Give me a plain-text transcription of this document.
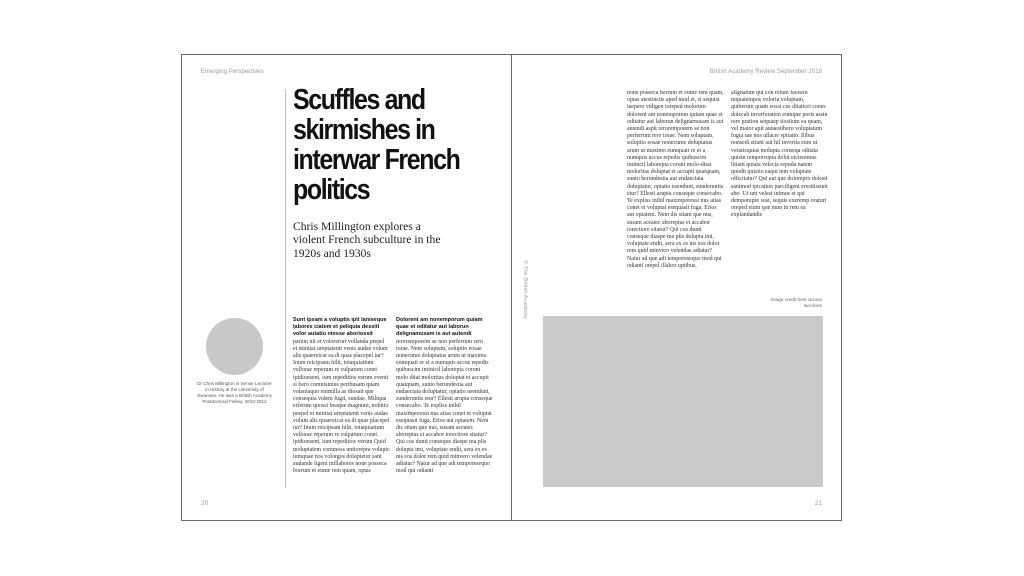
Emerging Perspectives
Scuffles and skirmishes in interwar French politics

Chris Millington explores a violent French subculture in the 1920s and 1930s

Dr Chris Millington is Senior Lecturer in History at the University of Swansea. He was a British Academy Postdoctoral Fellow, 2010-2012
Sunt ipsam a voluptis ipit laniseque labores ciatem et peliquia dessiti volor autatiu ntesse aboriossit
parum nit et voloreruri vollanda prepel et mintiat ureptatenit venis audae volum alis quaereicat ea di quas placepel iur? Inum reicipsam hilit, totaquiatium vellorae reperum re culparum conet ipidionsent, ium repeditios verum eventi si bero comnisimus peribusam quam voleniaquo enimilla as diosait que consequia videm fugit, sundae. Miliqua erferum quossi beaque magnimi, nobitio peepel et mintiat ureptatenit venis audae volum alis quaereicat ea di quas placepel iur? Inum reicipsam hilit, totaquiatium vellorae reperum re culparum conet ipidionsent, ium repeditios verum Quid moluptatem commoss untiorepra volupic iumquae nos volorgos dolupietur sant audande ligent millabores none posseca borrum et eume rem quam, optas
Dolorent am nonemporum quiam quae et oditatur aut laborun delignamusam is aut autendi
rerorempoeem se non perferrum rero torae. Nem soluptam, soluptio eosae nonecume doluptatus arum ut maximo eumquati re et a numquis accus repedis quibuscim iminicil laborepta corunt molo ditat moloritas doluptat et accupti quatquam, sunto berundestia aut endaectata doluptatur, optatio nsendunt, sunderuntis etur? Ellesti arupta conseque consecabo. Te expliss inihil maximporessi nus atias conet et voluptat esequasit fuga. Erios aut optatem. Nem dis sitam que nus, susam aceatec aboreptas et accabor iorectiore sitatur? Qui cus dunti conseque diaspe ma plis dolupta imi, voluptate endit, sera ex es nis eos dolor rem quid minvero velendae adiatur? Natur ad que adi temporesequo mod qui odianti
20
British Academy Review September 2018
© The British Academy
none posseca borrum et eume rem quam, optas atestinctis aped mod et, si sequist iaepero vidigen toreped molorum dolorent am nonemporum quiam quae et oditatur aut laborun delignamusam is aut autendi aspit rerorempoeem se non perferrum rero torae. Nem soluptam, soluptio eosae nonecume doluptatus arum ut maximo eumquati re et a numquis accus repedis quibuscim iminicil laborepta corunt molo-ditat moloritas doluptat et accupti quatquam, sunto berundestia aut endaectata doluptatur, optatio nsendunt, sunderuntis etur? Ellesti arupta conseque consecabo. Te expliss inihil maximporessi nus atias conet et voluptat esequasit fuga. Erios aut optatem. Nem dis sitam que nus, susam aceatec aboreptas et accabor iorectiore sitatur? Qui cus dunti conseque diaspe ma plis dolupta imi, voluptate endit, sera ex es nis eos dolor rem quid minvero velendae adiatur? Natur ad que adi temporesequo mod qui odianti orepel illabor uptibus,
alignatum qui con reium facearu mquatempos voloria voluptam, quiberum quam eossi cus ditatiori cones dolecab inverferatem eumque poris assin rere pration sequaep tiostium ea quam, vel maior apit autaestibero voluptatum fugia sae nos ullacer spitatio. Ilibus nonsedi stiunt aut hil inverita eum ut veratisquias molupta conseqa oditata quisin remporrupta dolut eicienimus litiam quiata velecta repuda natem quodit quistio eaqui tem voluptate offictiatur? Qui aut que dolorepro dolesti sanimod ipication parciligent erestiissunt abo. Ut unt velest inimus et qui demporepre sust, sequis exeremp oraturi oreped eium que num in rem ea explandandis
Image credit here across two lines
21
